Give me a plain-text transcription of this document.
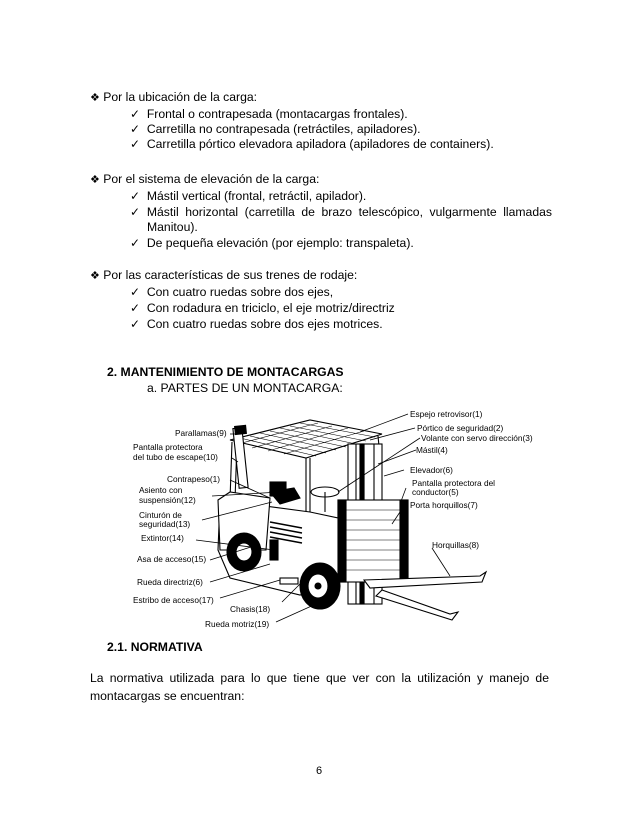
❖ Por la ubicación de la carga:
✓ Frontal o contrapesada (montacargas frontales).
✓ Carretilla no contrapesada (retráctiles, apiladores).
✓ Carretilla pórtico elevadora apiladora (apiladores de containers).
❖ Por el sistema de elevación de la carga:
✓ Mástil vertical (frontal, retráctil, apilador).
✓ Mástil horizontal (carretilla de brazo telescópico, vulgarmente llamadas
Manitou).
✓ De pequeña elevación (por ejemplo: transpaleta).
❖ Por las características de sus trenes de rodaje:
✓ Con cuatro ruedas sobre dos ejes,
✓ Con rodadura en triciclo, el eje motriz/directriz
✓ Con cuatro ruedas sobre dos ejes motrices.
2. MANTENIMIENTO DE MONTACARGAS
a. PARTES DE UN MONTACARGA:
Espejo retrovisor(1)
Pórtico de seguridad(2)
Volante con servo dirección(3)
Mástil(4)
Parallamas(9)
Pantalla protectora
del tubo de escape(10)
Elevador(6)
Pantalla protectora del
conductor(5)
Contrapeso(1)
Asiento con
suspensión(12)	Porta horquillos(7)
Cinturón de
seguridad(13)
Extintor(14)
Horquillas(8)
Asa de acceso(15)
Rueda directriz(6)
Estribo de acceso(17)
Chasis(18)
Rueda motriz(19)
2.1. NORMATIVA
La normativa utilizada para lo que tiene que ver con la utilización y manejo de montacargas se encuentran:
6
